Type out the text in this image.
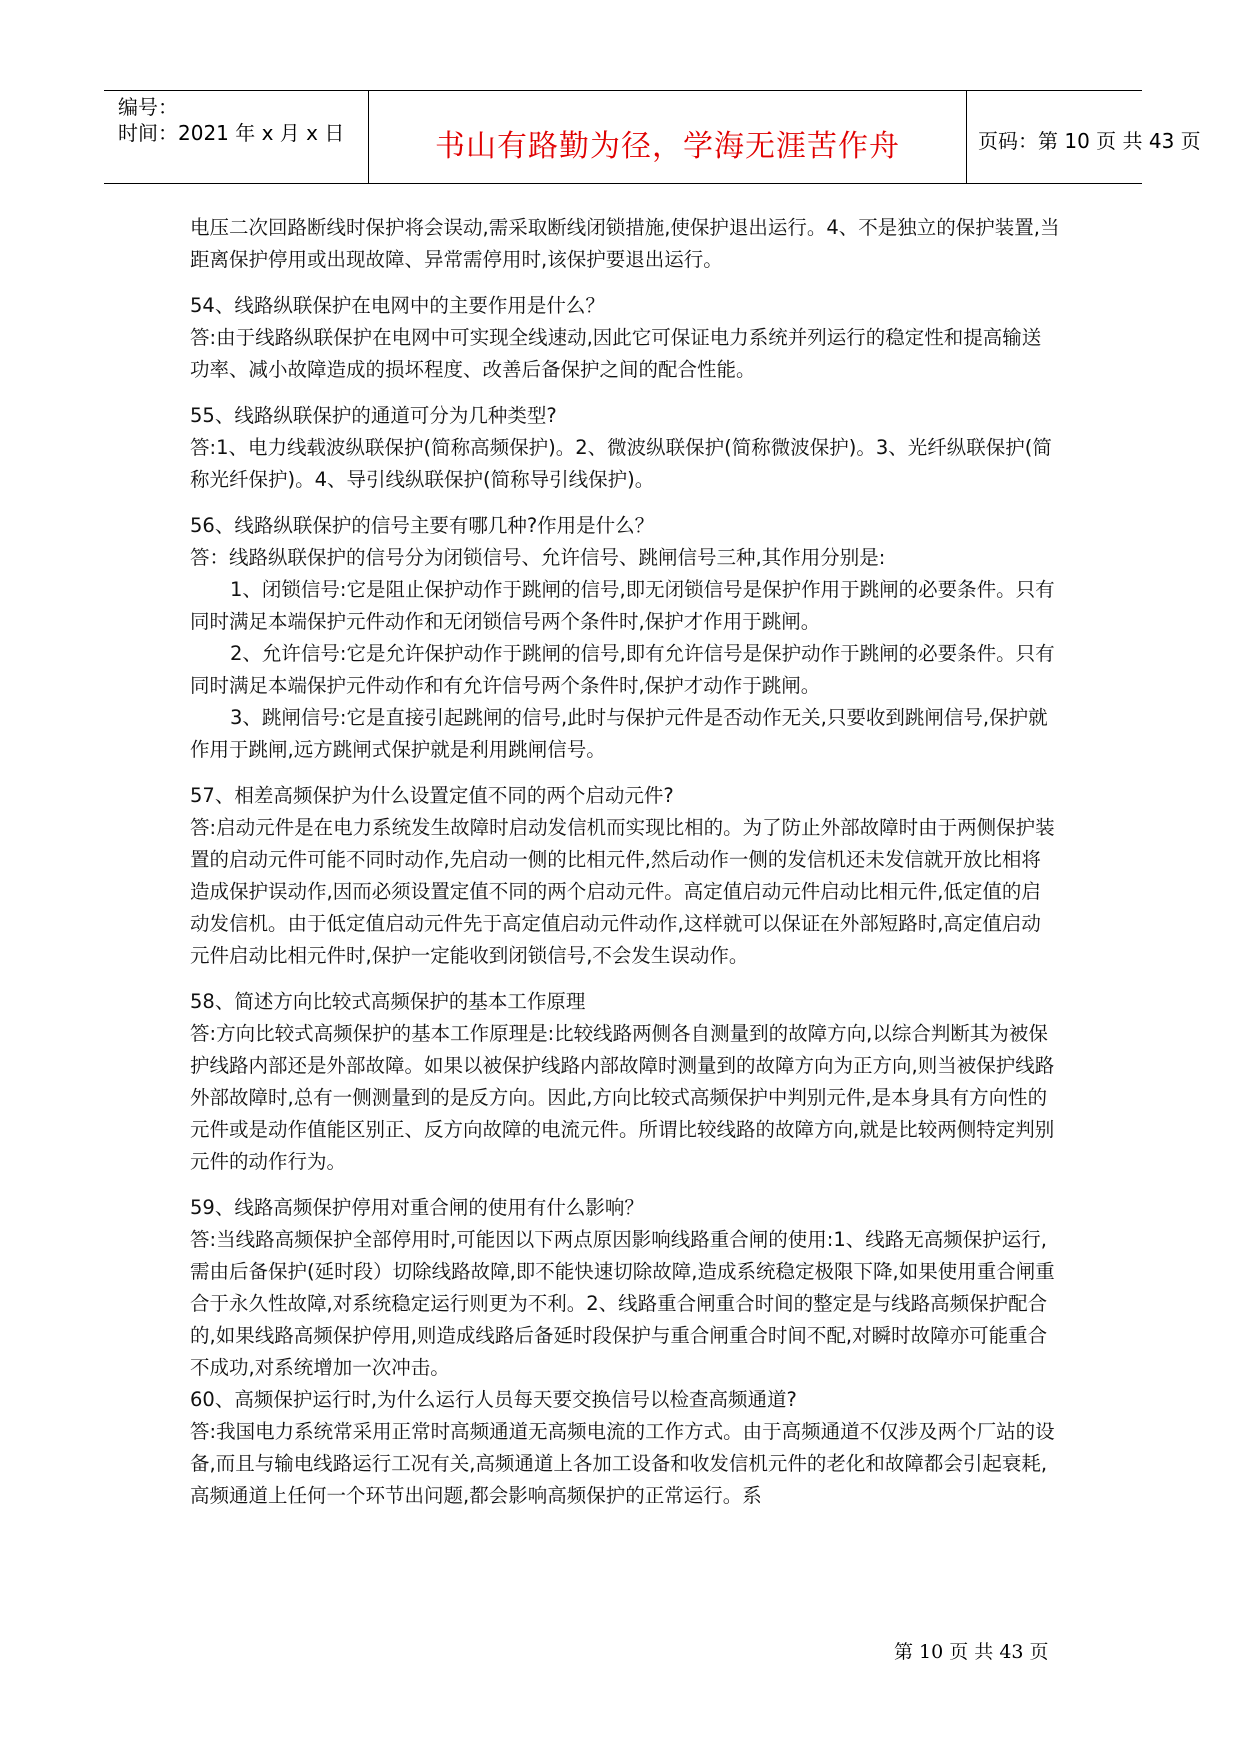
编号：
时间：2021 年 x 月 x 日	书山有路勤为径，学海无涯苦作舟	页码：第 10 页 共 43 页

电压二次回路断线时保护将会误动,需采取断线闭锁措施,使保护退出运行。4、不是独立的保护装置,当距离保护停用或出现故障、异常需停用时,该保护要退出运行。

54、线路纵联保护在电网中的主要作用是什么？

答:由于线路纵联保护在电网中可实现全线速动,因此它可保证电力系统并列运行的稳定性和提高输送功率、减小故障造成的损坏程度、改善后备保护之间的配合性能。

55、线路纵联保护的通道可分为几种类型?

答:1、电力线载波纵联保护(简称高频保护)。2、微波纵联保护(简称微波保护)。3、光纤纵联保护(简称光纤保护)。4、导引线纵联保护(简称导引线保护)。

56、线路纵联保护的信号主要有哪几种?作用是什么？

答：线路纵联保护的信号分为闭锁信号、允许信号、跳闸信号三种,其作用分别是:

1、闭锁信号:它是阻止保护动作于跳闸的信号,即无闭锁信号是保护作用于跳闸的必要条件。只有同时满足本端保护元件动作和无闭锁信号两个条件时,保护才作用于跳闸。

2、允许信号:它是允许保护动作于跳闸的信号,即有允许信号是保护动作于跳闸的必要条件。只有同时满足本端保护元件动作和有允许信号两个条件时,保护才动作于跳闸。

3、跳闸信号:它是直接引起跳闸的信号,此时与保护元件是否动作无关,只要收到跳闸信号,保护就作用于跳闸,远方跳闸式保护就是利用跳闸信号。

57、相差高频保护为什么设置定值不同的两个启动元件?

答:启动元件是在电力系统发生故障时启动发信机而实现比相的。为了防止外部故障时由于两侧保护装置的启动元件可能不同时动作,先启动一侧的比相元件,然后动作一侧的发信机还未发信就开放比相将造成保护误动作,因而必须设置定值不同的两个启动元件。高定值启动元件启动比相元件,低定值的启动发信机。由于低定值启动元件先于高定值启动元件动作,这样就可以保证在外部短路时,高定值启动元件启动比相元件时,保护一定能收到闭锁信号,不会发生误动作。

58、简述方向比较式高频保护的基本工作原理

答:方向比较式高频保护的基本工作原理是:比较线路两侧各自测量到的故障方向,以综合判断其为被保护线路内部还是外部故障。如果以被保护线路内部故障时测量到的故障方向为正方向,则当被保护线路外部故障时,总有一侧测量到的是反方向。因此,方向比较式高频保护中判别元件,是本身具有方向性的元件或是动作值能区别正、反方向故障的电流元件。所谓比较线路的故障方向,就是比较两侧特定判别元件的动作行为。

59、线路高频保护停用对重合闸的使用有什么影响？

答:当线路高频保护全部停用时,可能因以下两点原因影响线路重合闸的使用:1、线路无高频保护运行,需由后备保护(延时段）切除线路故障,即不能快速切除故障,造成系统稳定极限下降,如果使用重合闸重合于永久性故障,对系统稳定运行则更为不利。2、线路重合闸重合时间的整定是与线路高频保护配合的,如果线路高频保护停用,则造成线路后备延时段保护与重合闸重合时间不配,对瞬时故障亦可能重合不成功,对系统增加一次冲击。

60、高频保护运行时,为什么运行人员每天要交换信号以检查高频通道?

答:我国电力系统常采用正常时高频通道无高频电流的工作方式。由于高频通道不仅涉及两个厂站的设备,而且与输电线路运行工况有关,高频通道上各加工设备和收发信机元件的老化和故障都会引起衰耗,高频通道上任何一个环节出问题,都会影响高频保护的正常运行。系

第 10 页 共 43 页
